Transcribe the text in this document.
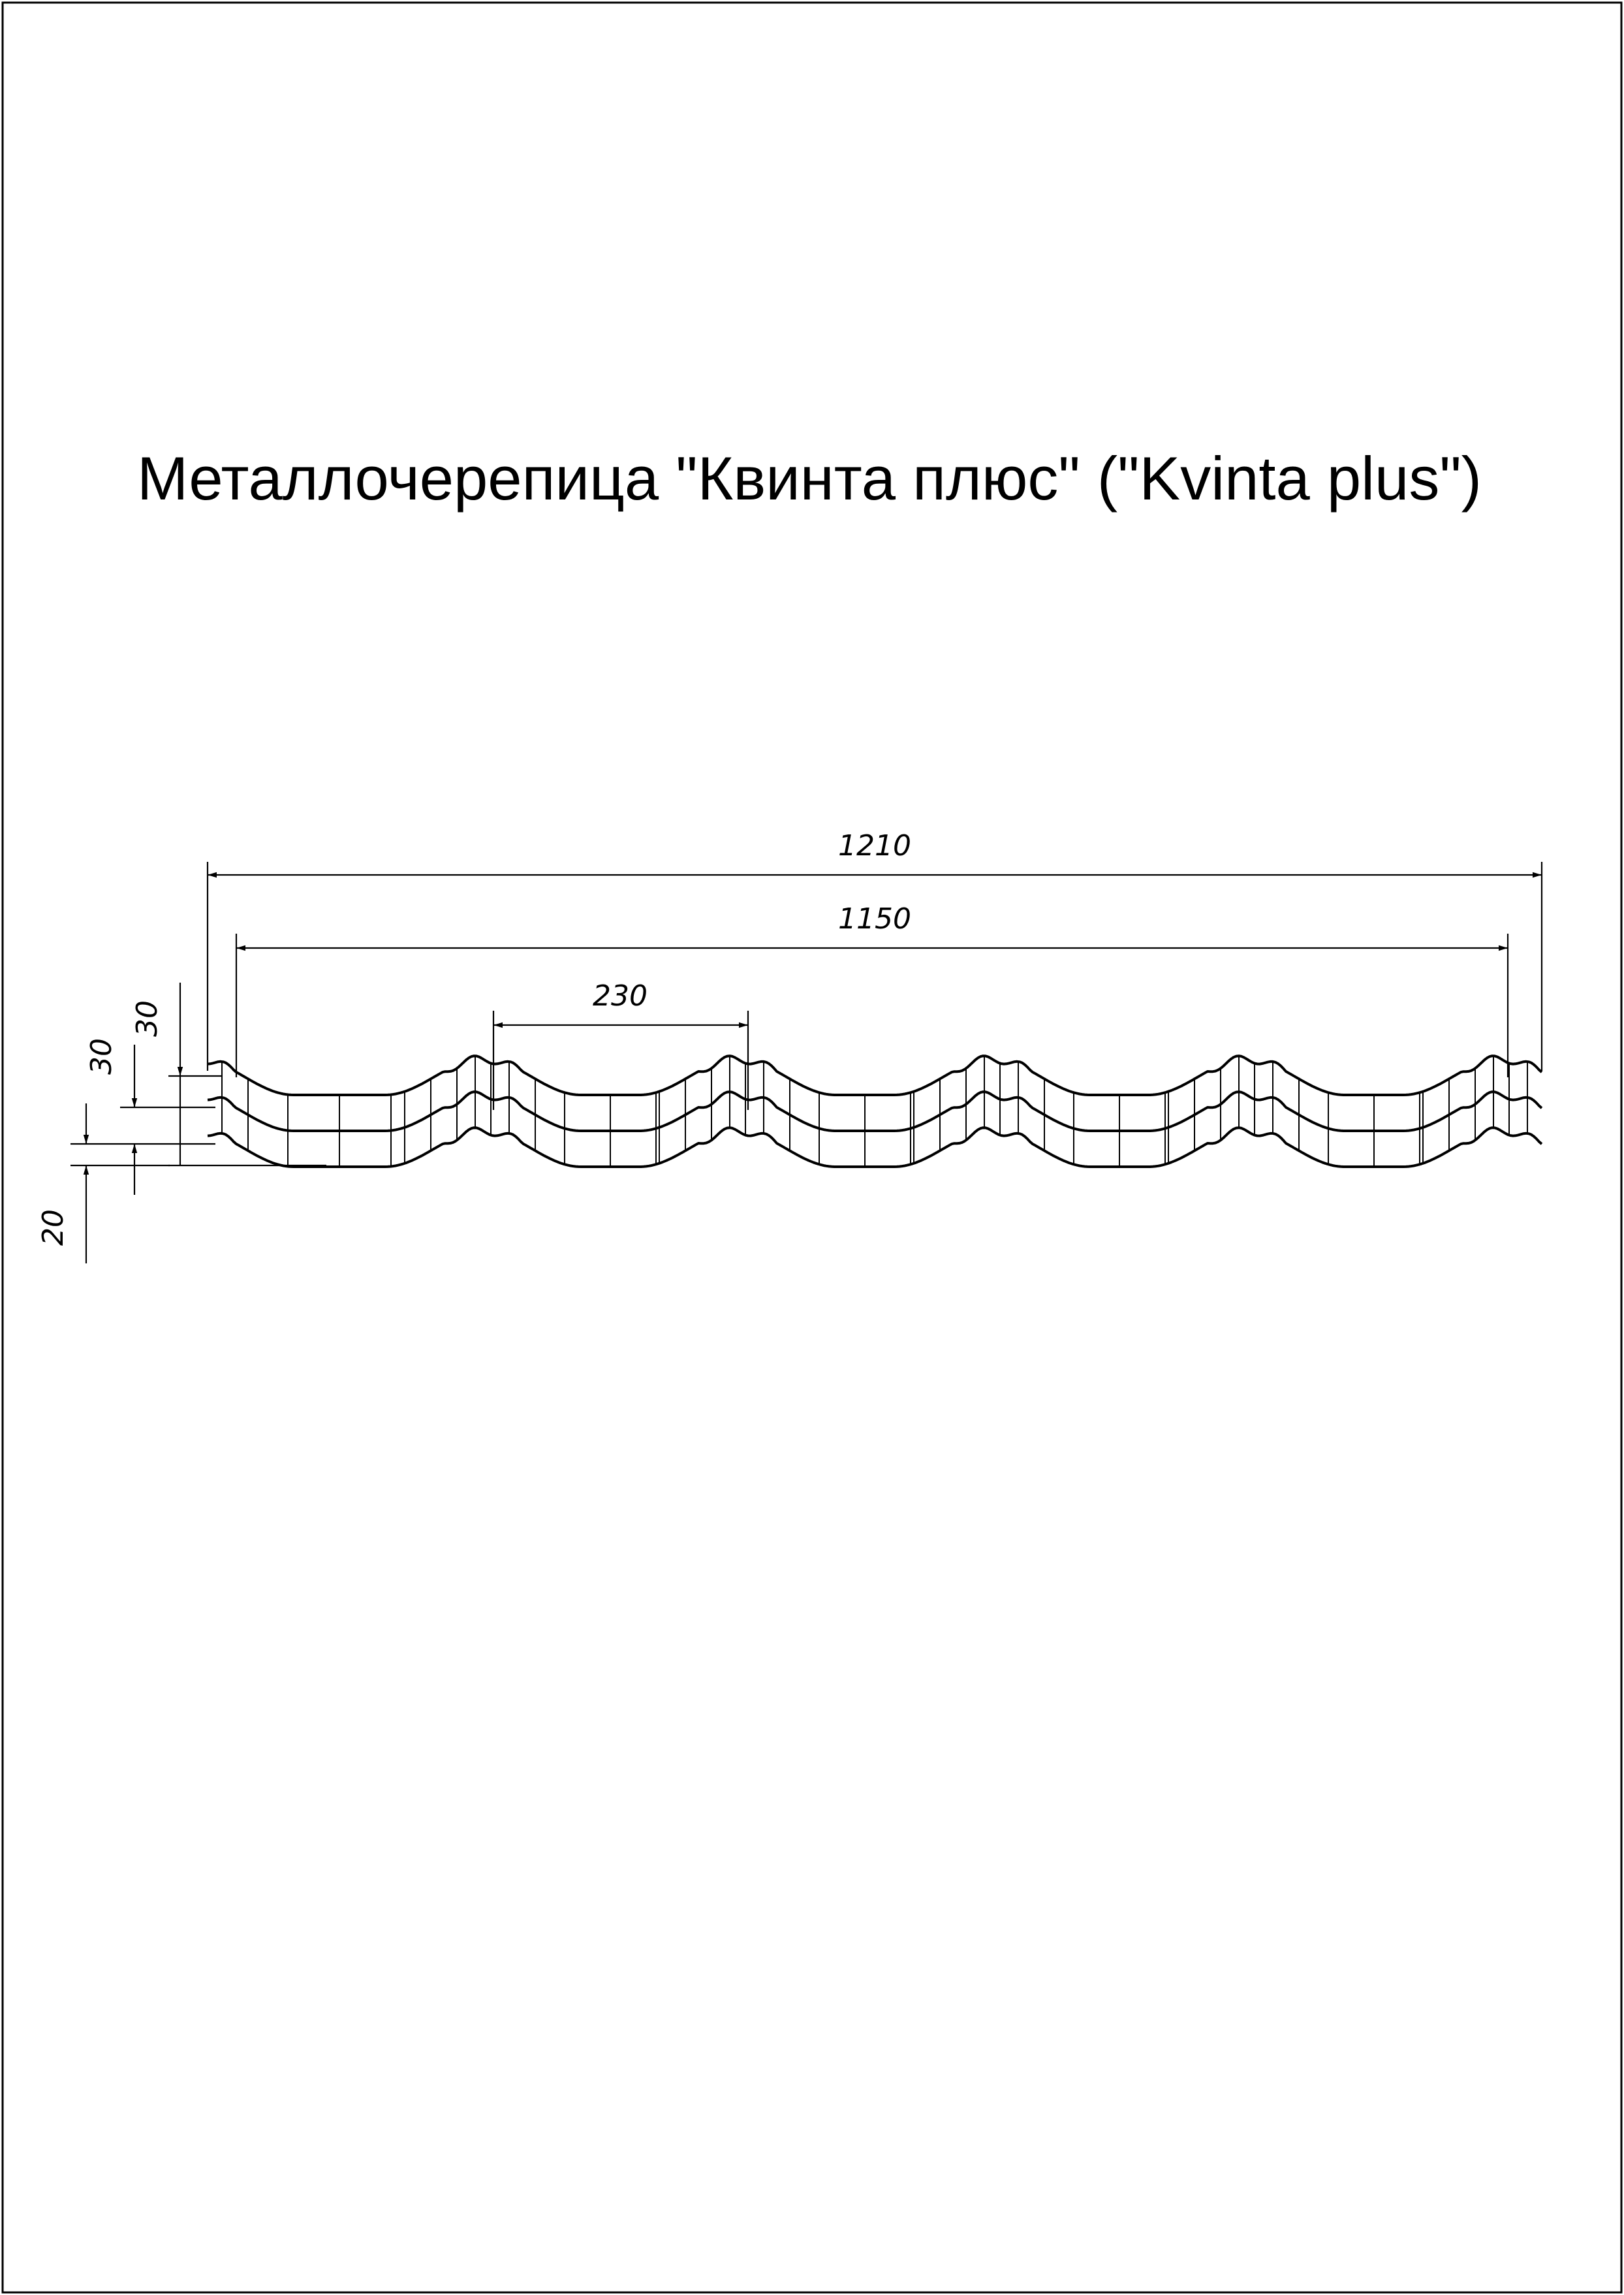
Металлочерепица "Квинта плюс" ("Kvinta plus")
1210
1150
230
30
30
20
